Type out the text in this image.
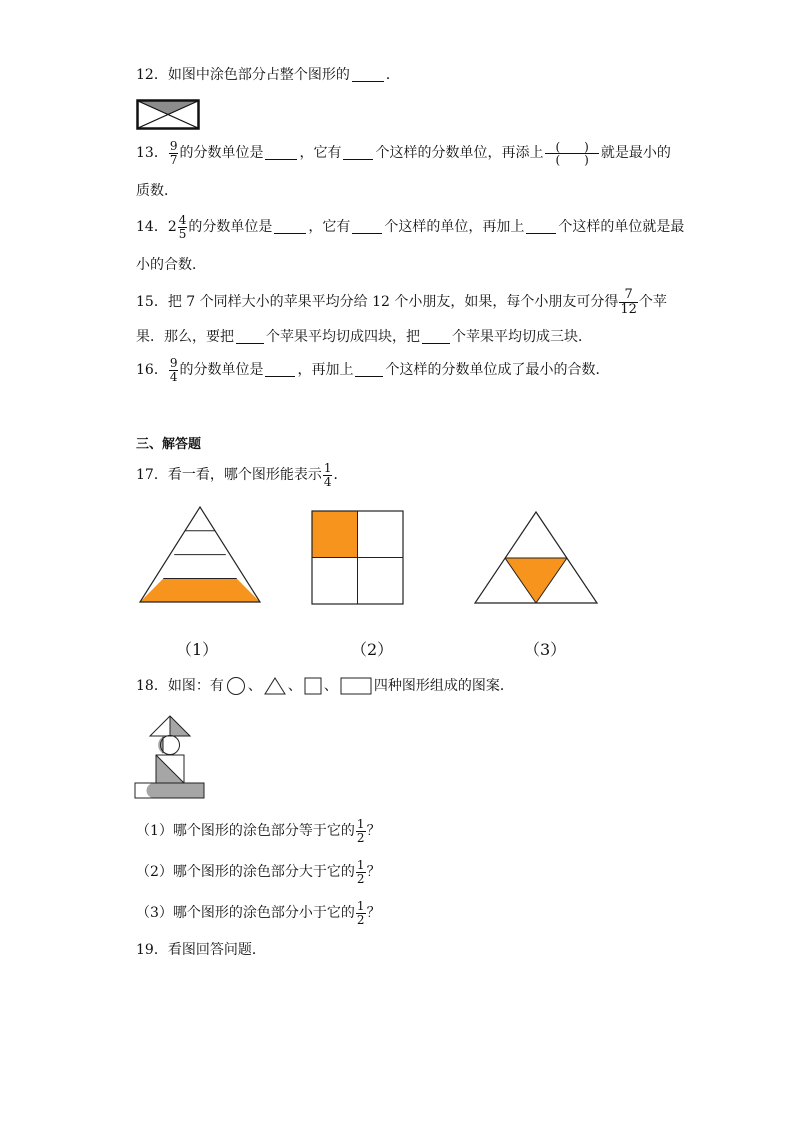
12．如图中涂色部分占整个图形的	．
13． $\frac{9}{7}$ 的分数单位是	，它有 个这样的分数单位，再添上 $\frac{( )}{( )}$ 就是最小的
质数．
14． $2 \frac{4}{5}$ 的分数单位是	，它有 个这样的单位，再加上 个这样的单位就是最
小的合数．
15．把 7 个同样大小的苹果平均分给 12 个小朋友，如果，每个小朋友可分得 $\frac{7}{12}$ 个苹
果．那么，要把 个苹果平均切成四块，把 个苹果平均切成三块．
16． $\frac{9}{4}$ 的分数单位是 ，再加上 个这样的分数单位成了最小的合数．
三、解答题
17．看一看，哪个图形能表示 $\frac{1}{4}$ ．
（1）	（2）	（3）
18．如图：有 、 、 、	四种图形组成的图案．
（1）哪个图形的涂色部分等于它的 $\frac{1}{2}$ ？
（2）哪个图形的涂色部分大于它的 $\frac{1}{2}$ ？
（3）哪个图形的涂色部分小于它的 $\frac{1}{2}$ ？
19．看图回答问题．
